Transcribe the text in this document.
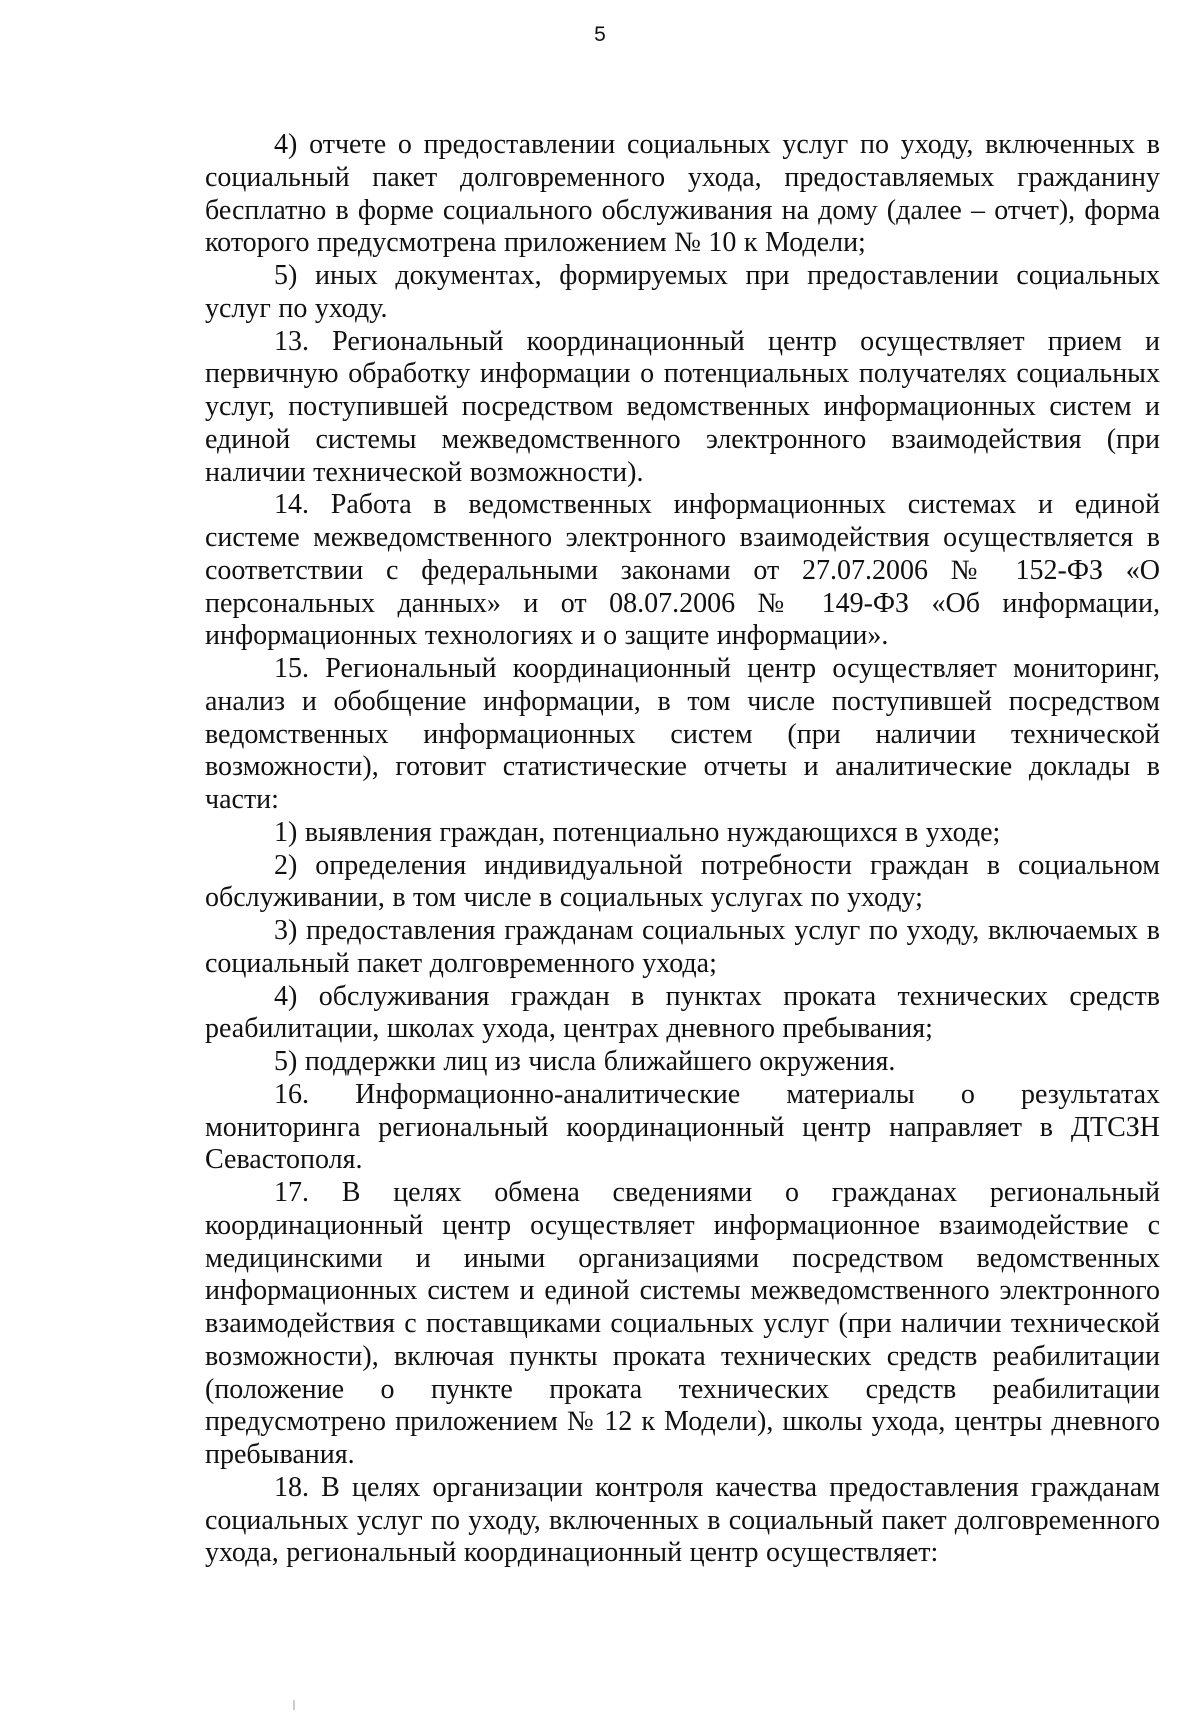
5

4) отчете о предоставлении социальных услуг по уходу, включенных в социальный пакет долговременного ухода, предоставляемых гражданину бесплатно в форме социального обслуживания на дому (далее – отчет), форма которого предусмотрена приложением № 10 к Модели;

5) иных документах, формируемых при предоставлении социальных услуг по уходу.

13. Региональный координационный центр осуществляет прием и первичную обработку информации о потенциальных получателях социальных услуг, поступившей посредством ведомственных информационных систем и единой системы межведомственного электронного взаимодействия (при наличии технической возможности).

14. Работа в ведомственных информационных системах и единой системе межведомственного электронного взаимодействия осуществляется в соответствии с федеральными законами от 27.07.2006 № 152-ФЗ «О персональных данных» и от 08.07.2006 № 149-ФЗ «Об информации, информационных технологиях и о защите информации».

15. Региональный координационный центр осуществляет мониторинг, анализ и обобщение информации, в том числе поступившей посредством ведомственных информационных систем (при наличии технической возможности), готовит статистические отчеты и аналитические доклады в части:

1) выявления граждан, потенциально нуждающихся в уходе;

2) определения индивидуальной потребности граждан в социальном обслуживании, в том числе в социальных услугах по уходу;

3) предоставления гражданам социальных услуг по уходу, включаемых в социальный пакет долговременного ухода;

4) обслуживания граждан в пунктах проката технических средств реабилитации, школах ухода, центрах дневного пребывания;

5) поддержки лиц из числа ближайшего окружения.

16. Информационно-аналитические материалы о результатах мониторинга региональный координационный центр направляет в ДТСЗН Севастополя.

17. В целях обмена сведениями о гражданах региональный координационный центр осуществляет информационное взаимодействие с медицинскими и иными организациями посредством ведомственных информационных систем и единой системы межведомственного электронного взаимодействия с поставщиками социальных услуг (при наличии технической возможности), включая пункты проката технических средств реабилитации (положение о пункте проката технических средств реабилитации предусмотрено приложением № 12 к Модели), школы ухода, центры дневного пребывания.

18. В целях организации контроля качества предоставления гражданам социальных услуг по уходу, включенных в социальный пакет долговременного ухода, региональный координационный центр осуществляет:
